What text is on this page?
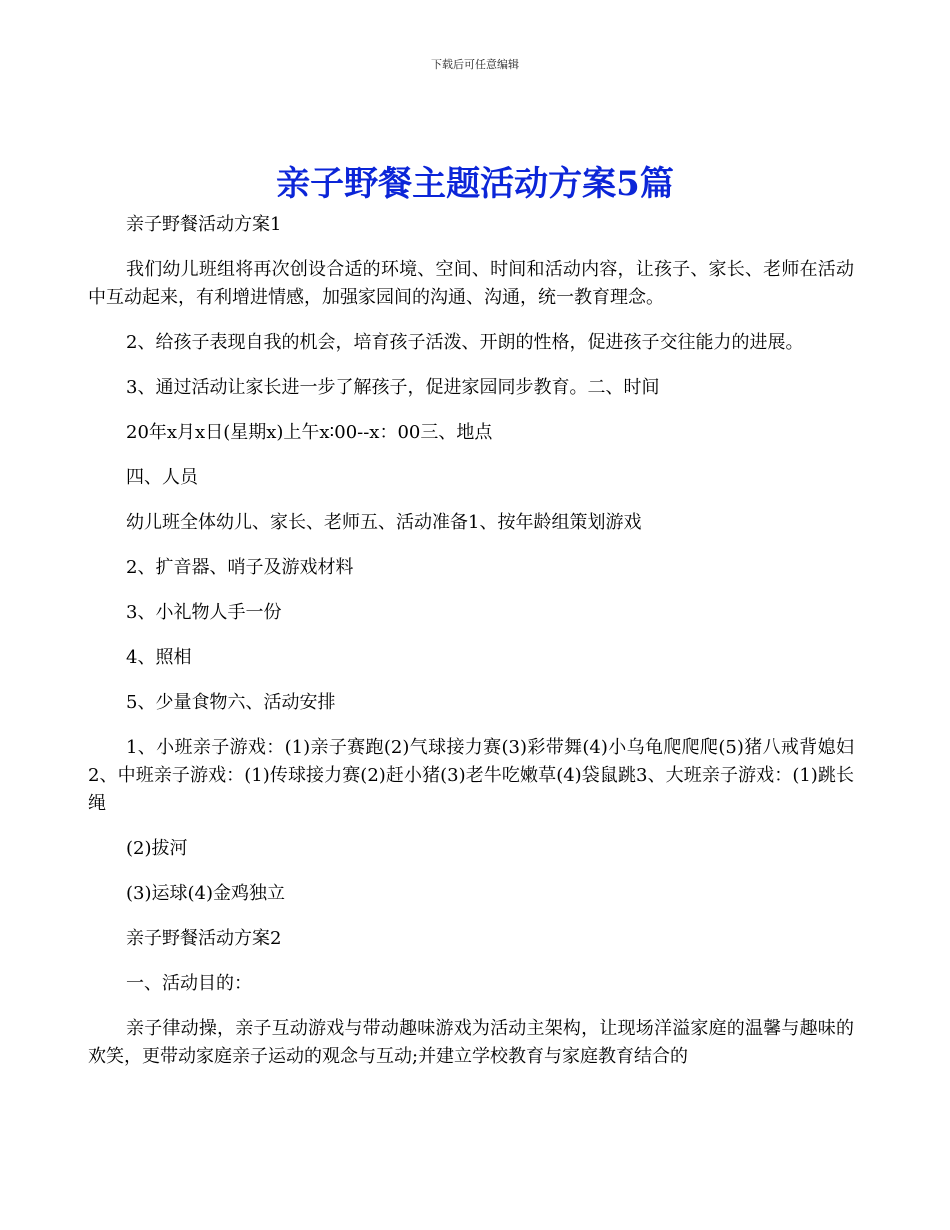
下载后可任意编辑
亲子野餐主题活动方案5篇

亲子野餐活动方案1

我们幼儿班组将再次创设合适的环境、空间、时间和活动内容，让孩子、家长、老师在活动中互动起来，有利增进情感，加强家园间的沟通、沟通，统一教育理念。

2、给孩子表现自我的机会，培育孩子活泼、开朗的性格，促进孩子交往能力的进展。

3、通过活动让家长进一步了解孩子，促进家园同步教育。二、时间

20年x月x日(星期x)上午x∶00--x：00三、地点

四、人员

幼儿班全体幼儿、家长、老师五、活动准备1、按年龄组策划游戏

2、扩音器、哨子及游戏材料

3、小礼物人手一份

4、照相

5、少量食物六、活动安排

1、小班亲子游戏：(1)亲子赛跑(2)气球接力赛(3)彩带舞(4)小乌龟爬爬爬(5)猪八戒背媳妇2、中班亲子游戏：(1)传球接力赛(2)赶小猪(3)老牛吃嫩草(4)袋鼠跳3、大班亲子游戏：(1)跳长绳

(2)拔河

(3)运球(4)金鸡独立

亲子野餐活动方案2

一、活动目的：

亲子律动操，亲子互动游戏与带动趣味游戏为活动主架构，让现场洋溢家庭的温馨与趣味的欢笑，更带动家庭亲子运动的观念与互动;并建立学校教育与家庭教育结合的
